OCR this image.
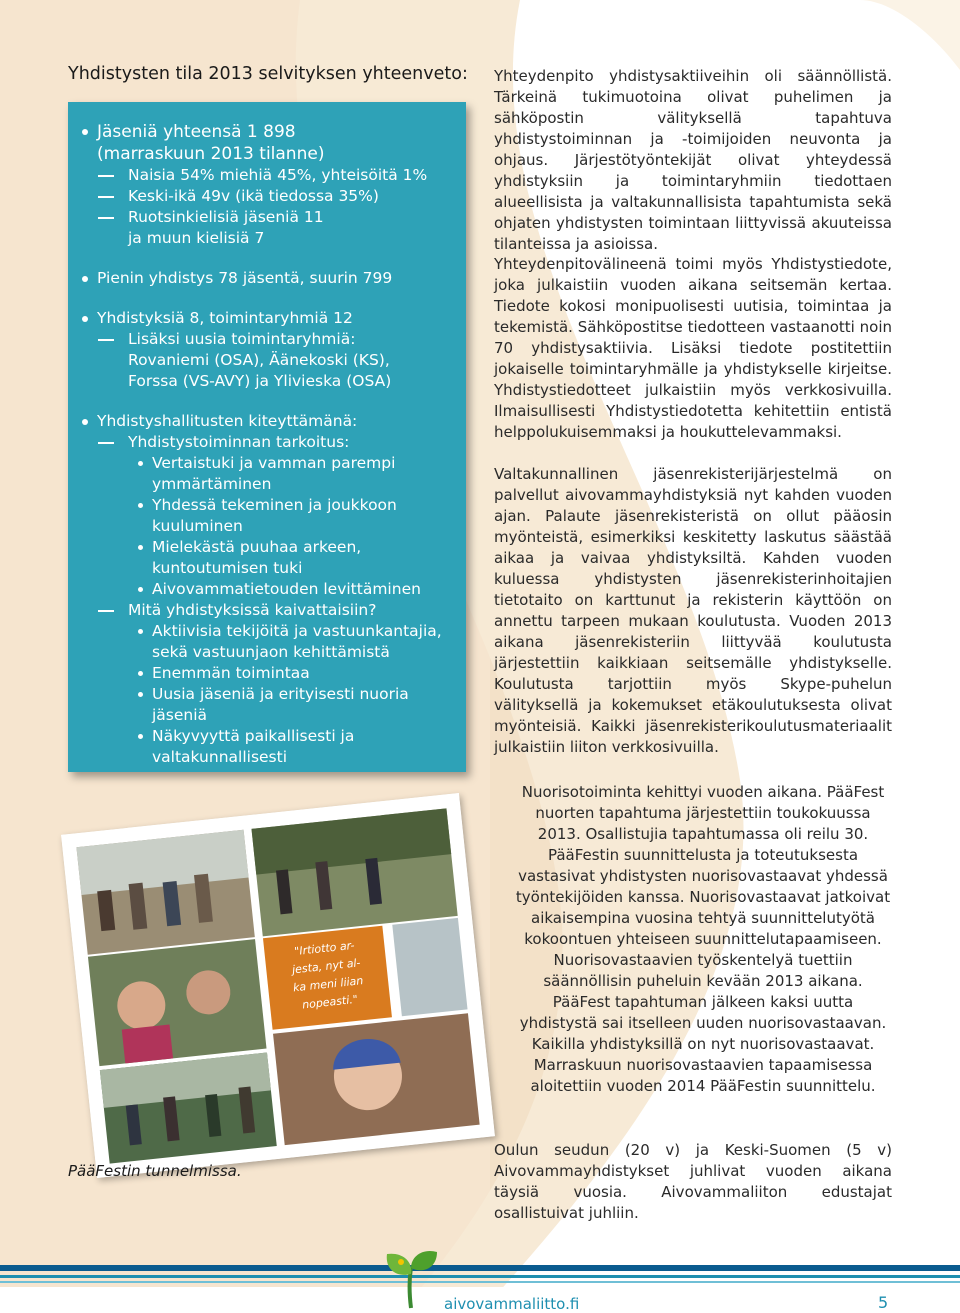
Yhdistysten tila 2013 selvityksen yhteenveto:
Jäseniä yhteensä 1 898
(marraskuun 2013 tilanne)
Naisia 54% miehiä 45%, yhteisöitä 1%
Keski-ikä 49v (ikä tiedossa 35%)
Ruotsinkielisiä jäseniä 11
ja muun kielisiä 7
Pienin yhdistys 78 jäsentä, suurin 799
Yhdistyksiä 8, toimintaryhmiä 12
Lisäksi uusia toimintaryhmiä:
Rovaniemi (OSA), Äänekoski (KS),
Forssa (VS-AVY) ja Ylivieska (OSA)
Yhdistyshallitusten kiteyttämänä:
Yhdistystoiminnan tarkoitus:
Vertaistuki ja vamman parempi
ymmärtäminen
Yhdessä tekeminen ja joukkoon
kuuluminen
Mielekästä puuhaa arkeen,
kuntoutumisen tuki
Aivovammatietouden levittäminen
Mitä yhdistyksissä kaivattaisiin?
Aktiivisia tekijöitä ja vastuunkantajia,
sekä vastuunjaon kehittämistä
Enemmän toimintaa
Uusia jäseniä ja erityisesti nuoria jäseniä
Näkyvyyttä paikallisesti ja
valtakunnallisesti
"Irtiotto ar-
jesta, nyt al-
ka meni liian
nopeasti."

PääFestin tunnelmissa.

Yhteydenpito yhdistysaktiiveihin oli säännöllistä. Tärkeinä tukimuotoina olivat puhelimen ja sähköpostin välityksellä tapahtuva yhdistystoiminnan ja -toimijoiden neuvonta ja ohjaus. Järjestötyöntekijät olivat yhteydessä yhdistyksiin ja toimintaryhmiin tiedottaen alueellisista ja valtakunnallisista tapahtumista sekä ohjaten yhdistysten toimintaan liittyvissä akuuteissa tilanteissa ja asioissa.

Yhteydenpitovälineenä toimi myös Yhdistystiedote, joka julkaistiin vuoden aikana seitsemän kertaa. Tiedote kokosi monipuolisesti uutisia, toimintaa ja tekemistä. Sähköpostitse tiedotteen vastaanotti noin 70 yhdistysaktiivia. Lisäksi tiedote postitettiin jokaiselle toimintaryhmälle ja yhdistykselle kirjeitse. Yhdistystiedotteet julkaistiin myös verkkosivuilla. Ilmaisullisesti Yhdistystiedotetta kehitettiin entistä helppolukuisemmaksi ja houkuttelevammaksi.

Valtakunnallinen jäsenrekisterijärjestelmä on palvellut aivovammayhdistyksiä nyt kahden vuoden ajan. Palaute jäsenrekisteristä on ollut pääosin myönteistä, esimerkiksi keskitetty laskutus säästää aikaa ja vaivaa yhdistyksiltä. Kahden vuoden kuluessa yhdistysten jäsenrekisterinhoitajien tietotaito on karttunut ja rekisterin käyttöön on annettu tarpeen mukaan koulutusta. Vuoden 2013 aikana jäsenrekisteriin liittyvää koulutusta järjestettiin kaikkiaan seitsemälle yhdistykselle. Koulutusta tarjottiin myös Skype-puhelun välityksellä ja kokemukset etäkoulutuksesta olivat myönteisiä. Kaikki jäsenrekisterikoulutusmateriaalit julkaistiin liiton verkkosivuilla.

Nuorisotoiminta kehittyi vuoden aikana. PääFest nuorten tapahtuma järjestettiin toukokuussa 2013. Osallistujia tapahtumassa oli reilu 30. PääFestin suunnittelusta ja toteutuksesta vastasivat yhdistysten nuorisovastaavat yhdessä työntekijöiden kanssa. Nuorisovastaavat jatkoivat aikaisempina vuosina tehtyä suunnittelutyötä kokoontuen yhteiseen suunnittelutapaamiseen. Nuorisovastaavien työskentelyä tuettiin säännöllisin puheluin kevään 2013 aikana. PääFest tapahtuman jälkeen kaksi uutta yhdistystä sai itselleen uuden nuorisovastaavan. Kaikilla yhdistyksillä on nyt nuorisovastaavat. Marraskuun nuorisovastaavien tapaamisessa aloitettiin vuoden 2014 PääFestin suunnittelu.

Oulun seudun (20 v) ja Keski-Suomen (5 v) Aivovammayhdistykset juhlivat vuoden aikana täysiä vuosia. Aivovammaliiton edustajat osallistuivat juhliin.

aivovammaliitto.fi	5
